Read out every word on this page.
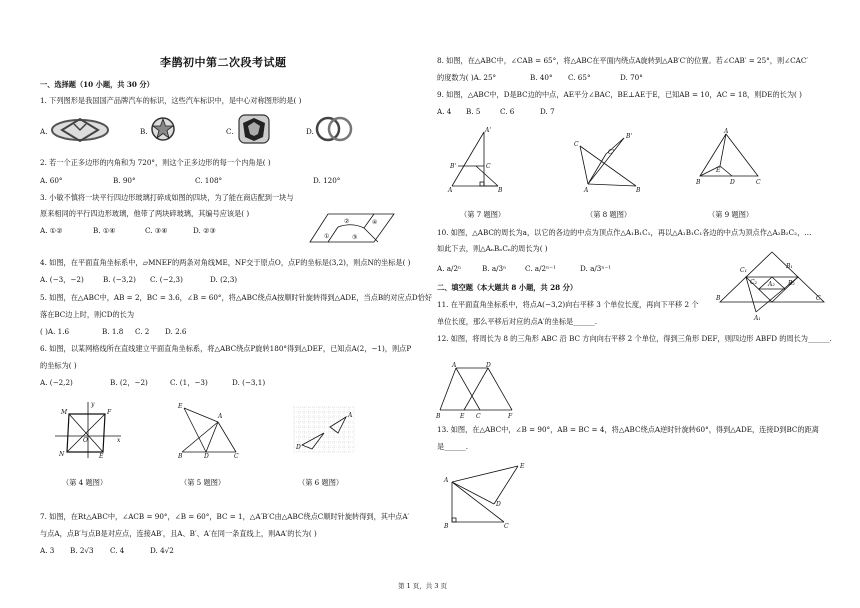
李鹊初中第二次段考试题
一、选择题（10 小题，共 30 分）
1. 下列图形是我国国产品牌汽车的标识，这些汽车标识中，是中心对称图形的是( )
A.	B.	C.	D.
2. 若一个正多边形的内角和为 720°，则这个正多边形的每一个内角是( )
A. 60°	B. 90°	C. 108°	D. 120°
3. 小敏不慎将一块平行四边形玻璃打碎成如图的四块，为了能在商店配到一块与
原来相同的平行四边形玻璃，他带了两块碎玻璃，其编号应该是( )
A. ①②	B. ①④	C. ③④	D. ②③
②	④
①	③
4. 如图，在平面直角坐标系中，▱MNEF的两条对角线ME，NF交于原点O，点F的坐标是(3,2)，则点N的坐标是( )
A. (−3，−2)	B. (−3,2) C. (−2,3)	D. (2,3)
5. 如图，在△ABC中，AB = 2，BC = 3.6，∠B = 60°，将△ABC绕点A按顺时针旋转得到△ADE，当点B的对应点D恰好
落在BC边上时，则CD的长为
( )A. 1.6	B. 1.8 C. 2 D. 2.6
6. 如图，以某网格线所在直线建立平面直角坐标系，将△ABC绕点P旋转180°得到△DEF，已知点A(2，−1)，则点P
的坐标为( )
A. (−2,2)	B. (2，−2)	C. (1，−3)	D. (−3,1)
M	F
N	E
O
y
x
E
A
B	D	C
D
A
（第 4 题图）	（第 5 题图）	（第 6 题图）
7. 如图，在Rt△ABC中，∠ACB = 90°，∠B = 60°，BC = 1，△A′B′C由△ABC绕点C顺时针旋转得到，其中点A′
与点A，点B′与点B是对应点，连接AB′，且A、B′、A′在同一条直线上，则AA′的长为( )
A. 3 B. 2√3 C. 4	D. 4√2
8. 如图，在△ABC中，∠CAB = 65°，将△ABC在平面内绕点A旋转到△AB′C′的位置。若∠CAB′ = 25°，则∠CAC′
的度数为( )A. 25°	B. 40° C. 65°	D. 70°
9. 如图，△ABC中，D是BC边的中点，AE平分∠BAC，BE⊥AE于E，已知AB = 10，AC = 18，则DE的长为( )
A. 4 B. 5	C. 6	D. 7
A'
B'	C
A	B
C
B'
C'
A	B
A
B
E
D	C
（第 7 题图）	（第 8 题图）	（第 9 题图）
10. 如图，△ABC的周长为a，以它的各边的中点为顶点作△A₁B₁C₁，再以△A₁B₁C₁各边的中点为顶点作△A₂B₂C₂，…
如此下去，则△AₙBₙCₙ的周长为( )
A. a/2ⁿ	B. a/3ⁿ	C. a/2ⁿ⁻¹	D. a/3ⁿ⁻¹	C₁
B₁
C₂	B₂
A₂
A₁
B	C
二、填空题（本大题共 8 小题，共 28 分）
11. 在平面直角坐标系中，将点A(−3,2)向右平移 3 个单位长度，再向下平移 2 个
单位长度，那么平移后对应的点A′的坐标是______.
12. 如图，将周长为 8 的三角形 ABC 沿 BC 方向向右平移 2 个单位，得到三角形 DEF，则四边形 ABFD 的周长为______.
A	D
B	E C	F
13. 如图，在△ABC中，∠B = 90°，AB = BC = 4，将△ABC绕点A逆时针旋转60°，得到△ADE，连接D到BC的距离
是______.
A
E
D
B	C
第 1 页，共 3 页
